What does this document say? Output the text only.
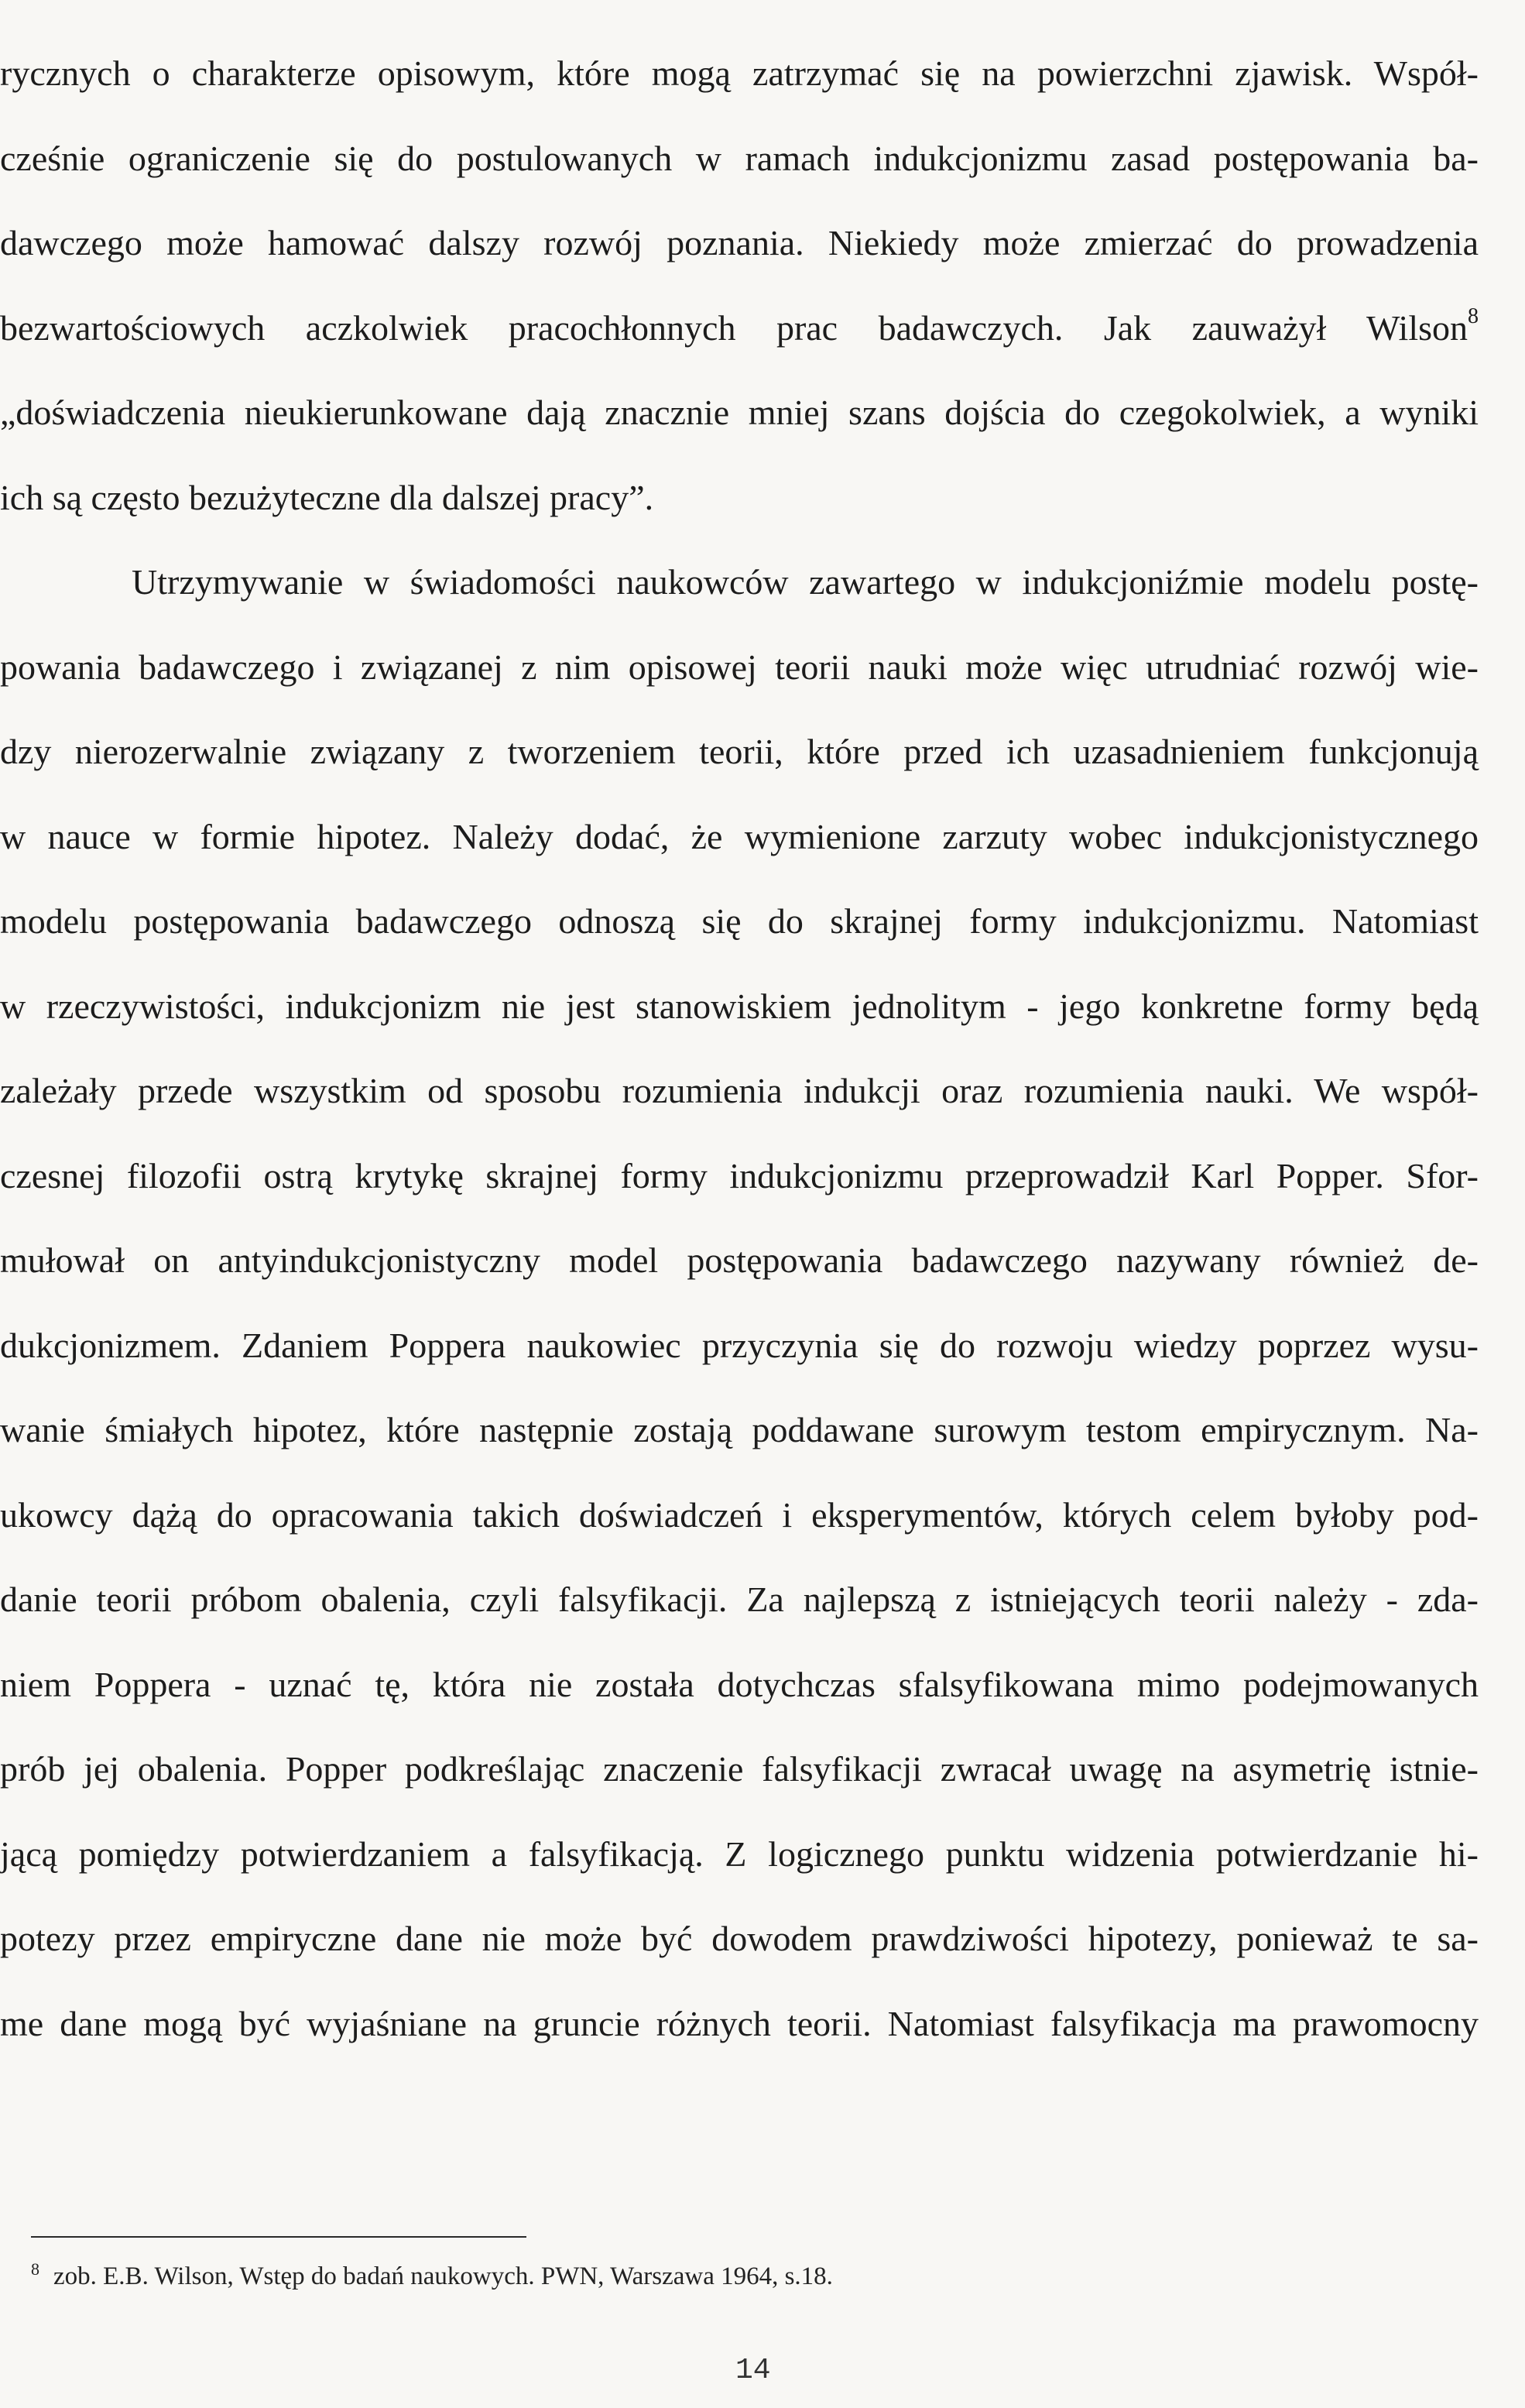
rycznych o charakterze opisowym, które mogą zatrzymać się na powierzchni zjawisk. Współ-
cześnie ograniczenie się do postulowanych w ramach indukcjonizmu zasad postępowania ba-
dawczego może hamować dalszy rozwój poznania. Niekiedy może zmierzać do prowadzenia
bezwartościowych aczkolwiek pracochłonnych prac badawczych. Jak zauważył Wilson$^8$
„doświadczenia nieukierunkowane dają znacznie mniej szans dojścia do czegokolwiek, a wyniki
ich są często bezużyteczne dla dalszej pracy”.
Utrzymywanie w świadomości naukowców zawartego w indukcjoniźmie modelu postę-
powania badawczego i związanej z nim opisowej teorii nauki może więc utrudniać rozwój wie-
dzy nierozerwalnie związany z tworzeniem teorii, które przed ich uzasadnieniem funkcjonują
w nauce w formie hipotez. Należy dodać, że wymienione zarzuty wobec indukcjonistycznego
modelu postępowania badawczego odnoszą się do skrajnej formy indukcjonizmu. Natomiast
w rzeczywistości, indukcjonizm nie jest stanowiskiem jednolitym - jego konkretne formy będą
zależały przede wszystkim od sposobu rozumienia indukcji oraz rozumienia nauki. We współ-
czesnej filozofii ostrą krytykę skrajnej formy indukcjonizmu przeprowadził Karl Popper. Sfor-
mułował on antyindukcjonistyczny model postępowania badawczego nazywany również de-
dukcjonizmem. Zdaniem Poppera naukowiec przyczynia się do rozwoju wiedzy poprzez wysu-
wanie śmiałych hipotez, które następnie zostają poddawane surowym testom empirycznym. Na-
ukowcy dążą do opracowania takich doświadczeń i eksperymentów, których celem byłoby pod-
danie teorii próbom obalenia, czyli falsyfikacji. Za najlepszą z istniejących teorii należy - zda-
niem Poppera - uznać tę, która nie została dotychczas sfalsyfikowana mimo podejmowanych
prób jej obalenia. Popper podkreślając znaczenie falsyfikacji zwracał uwagę na asymetrię istnie-
jącą pomiędzy potwierdzaniem a falsyfikacją. Z logicznego punktu widzenia potwierdzanie hi-
potezy przez empiryczne dane nie może być dowodem prawdziwości hipotezy, ponieważ te sa-
me dane mogą być wyjaśniane na gruncie różnych teorii. Natomiast falsyfikacja ma prawomocny
$^8$ zob. E.B. Wilson, Wstęp do badań naukowych. PWN, Warszawa 1964, s.18.
14
